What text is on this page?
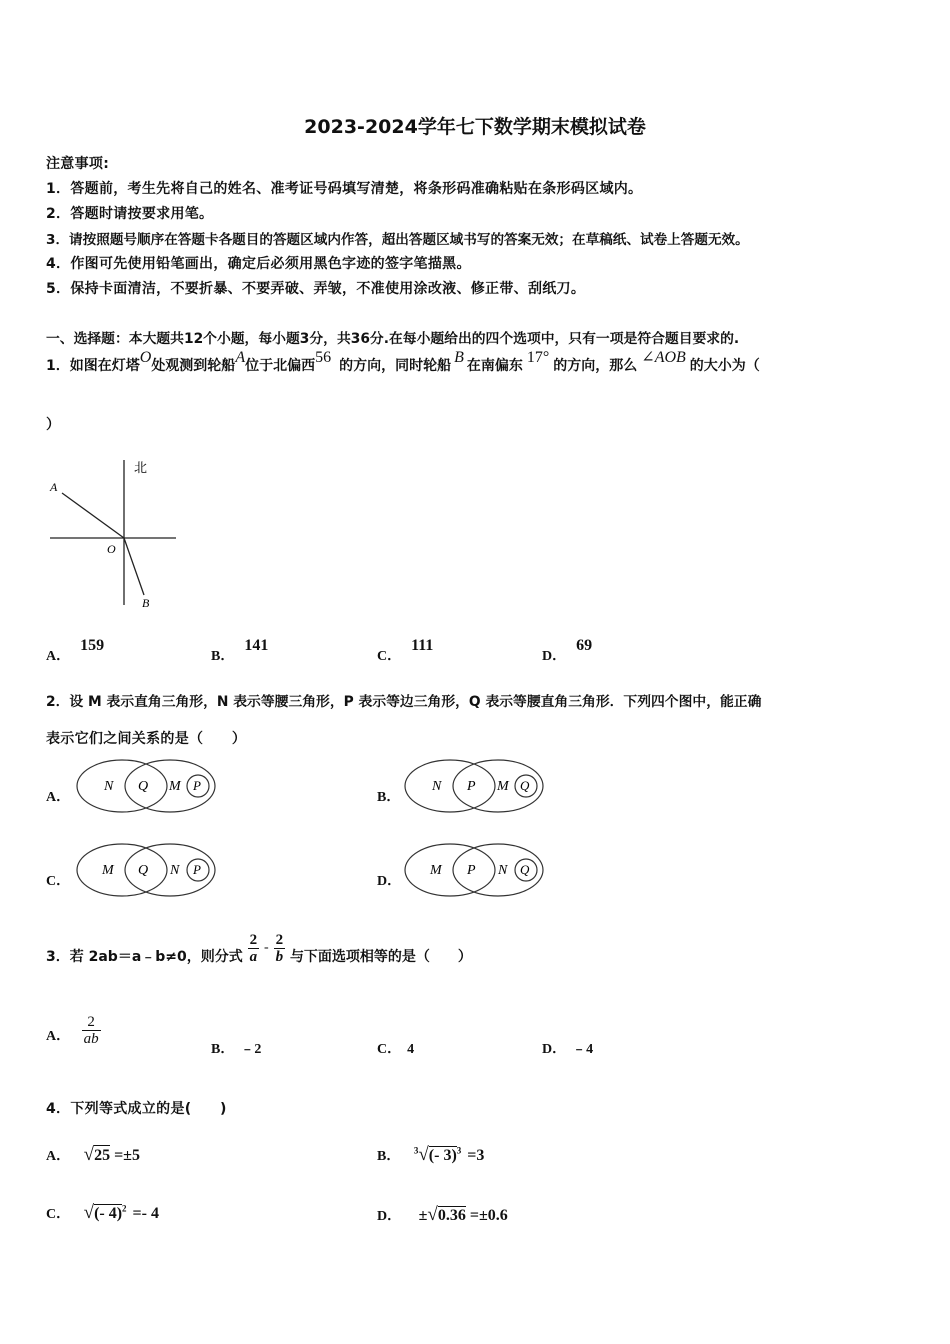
2023-2024学年七下数学期末模拟试卷
注意事项:
1．答题前，考生先将自己的姓名、准考证号码填写清楚，将条形码准确粘贴在条形码区域内。
2．答题时请按要求用笔。
3．请按照题号顺序在答题卡各题目的答题区域内作答，超出答题区域书写的答案无效；在草稿纸、试卷上答题无效。
4．作图可先使用铅笔画出，确定后必须用黑色字迹的签字笔描黑。
5．保持卡面清洁，不要折暴、不要弄破、弄皱，不准使用涂改液、修正带、刮纸刀。
一、选择题：本大题共12个小题，每小题3分，共36分.在每小题给出的四个选项中，只有一项是符合题目要求的.
1．如图在灯塔O处观测到轮船A位于北偏西56 的方向，同时轮船 B 在南偏东 17° 的方向，那么 ∠AOB 的大小为（
）
北
A
O
B
A．159
B．141
C．111
D．69
2．设 M 表示直角三角形，N 表示等腰三角形，P 表示等边三角形，Q 表示等腰直角三角形．下列四个图中，能正确
表示它们之间关系的是（　　）
A．
N Q M P
B．
N P M Q
C．
M Q N P
D．
M P N Q
3．若 2ab＝a﹣b≠0，则分式 $\frac{2}{a} - \frac{2}{b}$ 与下面选项相等的是（　　）
A． $\frac{2}{ab}$
B． ﹣2	C． 4	D． ﹣4
4．下列等式成立的是(　　)
A． √25 =±5	B． $^3$√(- 3)$^3$ =3
C． √(- 4)$^2$ =- 4	D． ±√0.36 =±0.6
